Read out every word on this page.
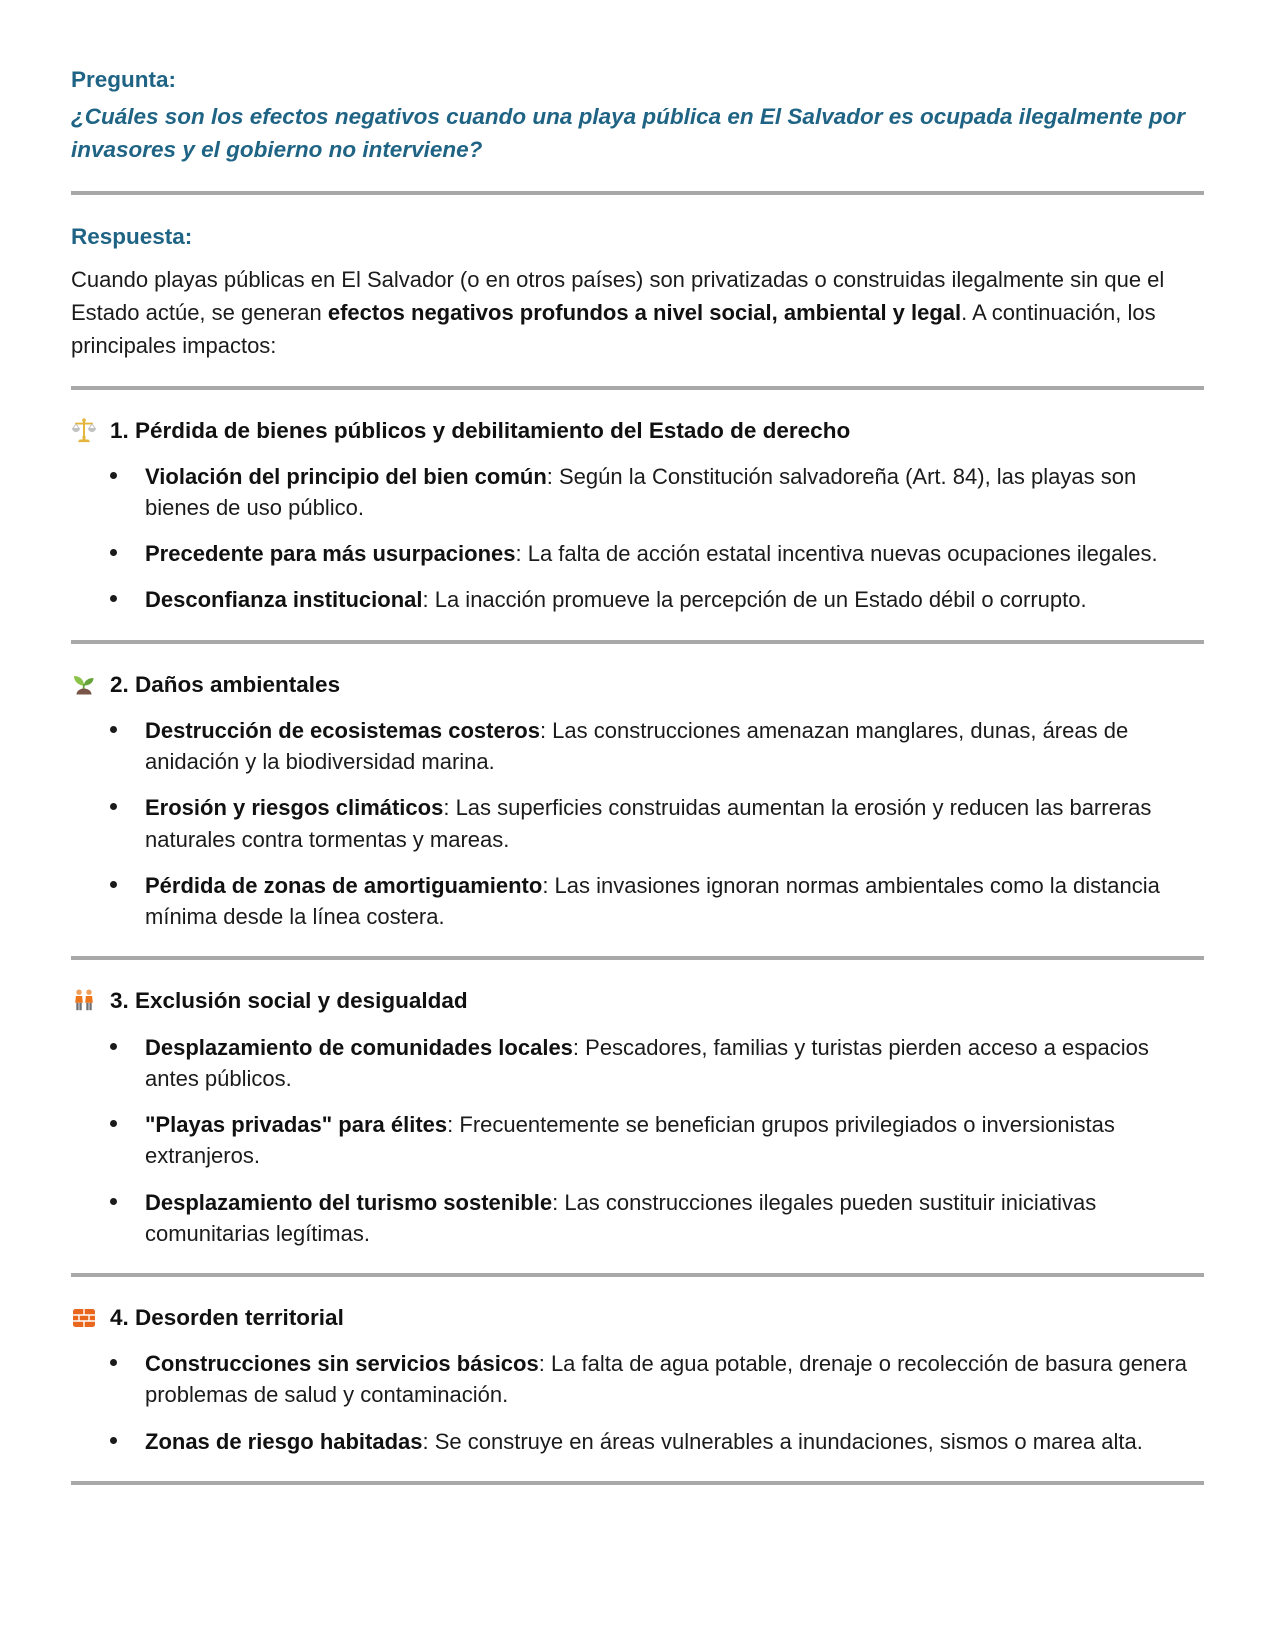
Pregunta:
¿Cuáles son los efectos negativos cuando una playa pública en El Salvador es ocupada ilegalmente por invasores y el gobierno no interviene?
Respuesta:

Cuando playas públicas en El Salvador (o en otros países) son privatizadas o construidas ilegalmente sin que el Estado actúe, se generan efectos negativos profundos a nivel social, ambiental y legal. A continuación, los principales impactos:

1. Pérdida de bienes públicos y debilitamiento del Estado de derecho
Violación del principio del bien común: Según la Constitución salvadoreña (Art. 84), las playas son bienes de uso público.
Precedente para más usurpaciones: La falta de acción estatal incentiva nuevas ocupaciones ilegales.
Desconfianza institucional: La inacción promueve la percepción de un Estado débil o corrupto.
2. Daños ambientales
Destrucción de ecosistemas costeros: Las construcciones amenazan manglares, dunas, áreas de anidación y la biodiversidad marina.
Erosión y riesgos climáticos: Las superficies construidas aumentan la erosión y reducen las barreras naturales contra tormentas y mareas.
Pérdida de zonas de amortiguamiento: Las invasiones ignoran normas ambientales como la distancia mínima desde la línea costera.
3. Exclusión social y desigualdad
Desplazamiento de comunidades locales: Pescadores, familias y turistas pierden acceso a espacios antes públicos.
"Playas privadas" para élites: Frecuentemente se benefician grupos privilegiados o inversionistas extranjeros.
Desplazamiento del turismo sostenible: Las construcciones ilegales pueden sustituir iniciativas comunitarias legítimas.
4. Desorden territorial
Construcciones sin servicios básicos: La falta de agua potable, drenaje o recolección de basura genera problemas de salud y contaminación.
Zonas de riesgo habitadas: Se construye en áreas vulnerables a inundaciones, sismos o marea alta.
